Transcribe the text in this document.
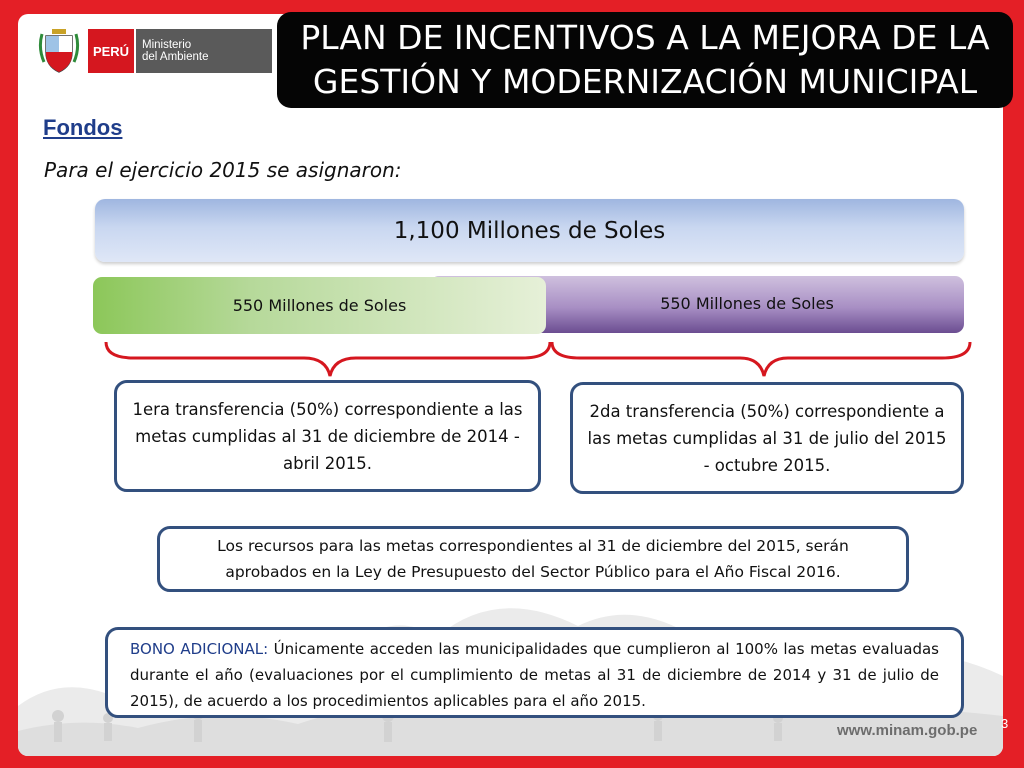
PERÚ	Ministerio
del Ambiente	PLAN DE INCENTIVOS A LA MEJORA DE LA
GESTIÓN Y MODERNIZACIÓN MUNICIPAL
Fondos
Para el ejercicio 2015 se asignaron:
1,100 Millones de Soles
550 Millones de Soles
550 Millones de Soles
1era transferencia (50%) correspondiente a las metas cumplidas al 31 de diciembre de 2014 - abril 2015.
2da transferencia (50%) correspondiente a las metas cumplidas al 31 de julio del 2015 - octubre 2015.
Los recursos para las metas correspondientes al 31 de diciembre del 2015, serán aprobados en la Ley de Presupuesto del Sector Público para el Año Fiscal 2016.
BONO ADICIONAL: Únicamente acceden las municipalidades que cumplieron al 100% las metas evaluadas durante el año (evaluaciones por el cumplimiento de metas al 31 de diciembre de 2014 y 31 de julio de 2015), de acuerdo a los procedimientos aplicables para el año 2015.
www.minam.gob.pe 3
